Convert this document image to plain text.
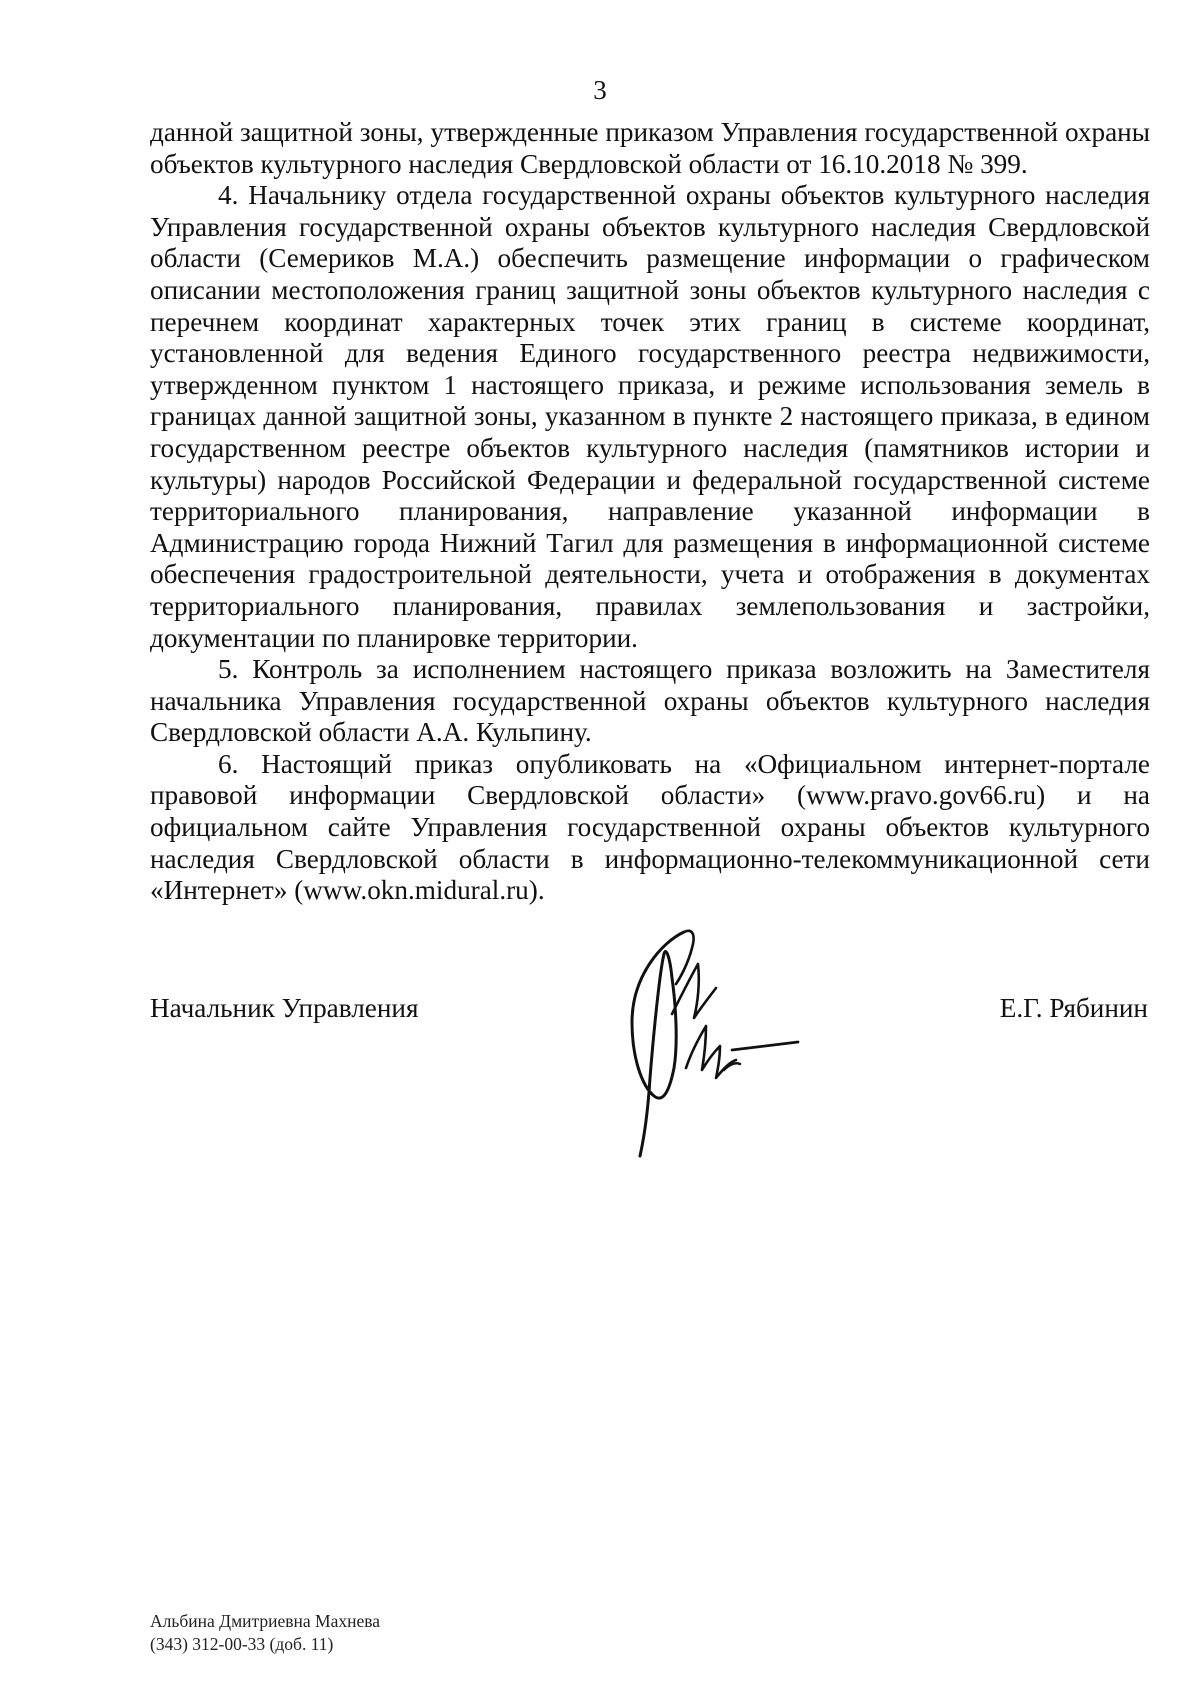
3

данной защитной зоны, утвержденные приказом Управления государственной охраны объектов культурного наследия Свердловской области от 16.10.2018 № 399.

4. Начальнику отдела государственной охраны объектов культурного наследия Управления государственной охраны объектов культурного наследия Свердловской области (Семериков М.А.) обеспечить размещение информации о графическом описании местоположения границ защитной зоны объектов культурного наследия с перечнем координат характерных точек этих границ в системе координат, установленной для ведения Единого государственного реестра недвижимости, утвержденном пунктом 1 настоящего приказа, и режиме использования земель в границах данной защитной зоны, указанном в пункте 2 настоящего приказа, в едином государственном реестре объектов культурного наследия (памятников истории и культуры) народов Российской Федерации и федеральной государственной системе территориального планирования, направление указанной информации в Администрацию города Нижний Тагил для размещения в информационной системе обеспечения градостроительной деятельности, учета и отображения в документах территориального планирования, правилах землепользования и застройки, документации по планировке территории.

5. Контроль за исполнением настоящего приказа возложить на Заместителя начальника Управления государственной охраны объектов культурного наследия Свердловской области А.А. Кульпину.

6. Настоящий приказ опубликовать на «Официальном интернет-портале правовой информации Свердловской области» (www.pravo.gov66.ru) и на официальном сайте Управления государственной охраны объектов культурного наследия Свердловской области в информационно-телекоммуникационной сети «Интернет» (www.okn.midural.ru).

Начальник Управления	Е.Г. Рябинин
Альбина Дмитриевна Махнева
(343) 312-00-33 (доб. 11)
